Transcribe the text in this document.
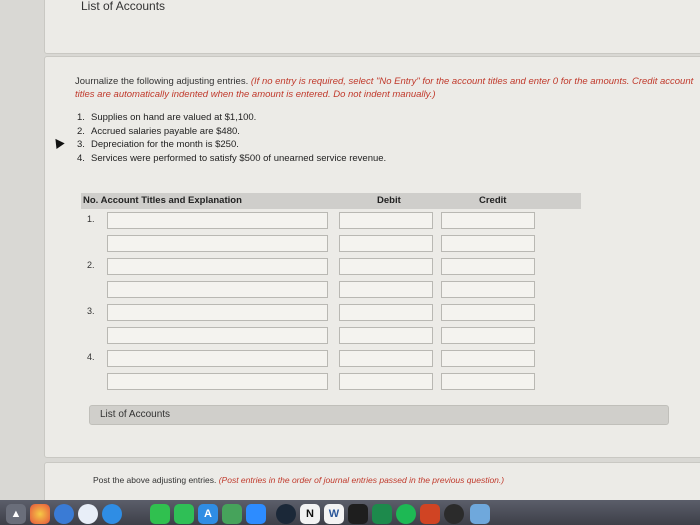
List of Accounts
Journalize the following adjusting entries. (If no entry is required, select "No Entry" for the account titles and enter 0 for the amounts. Credit account titles are automatically indented when the amount is entered. Do not indent manually.)
1. Supplies on hand are valued at $1,100.
2. Accrued salaries payable are $480.
3. Depreciation for the month is $250.
4. Services were performed to satisfy $500 of unearned service revenue.
No. Account Titles and Explanation	Debit	Credit
1.
2.
3.
4.
List of Accounts
Post the above adjusting entries. (Post entries in the order of journal entries passed in the previous question.)
▲	A	N	W
